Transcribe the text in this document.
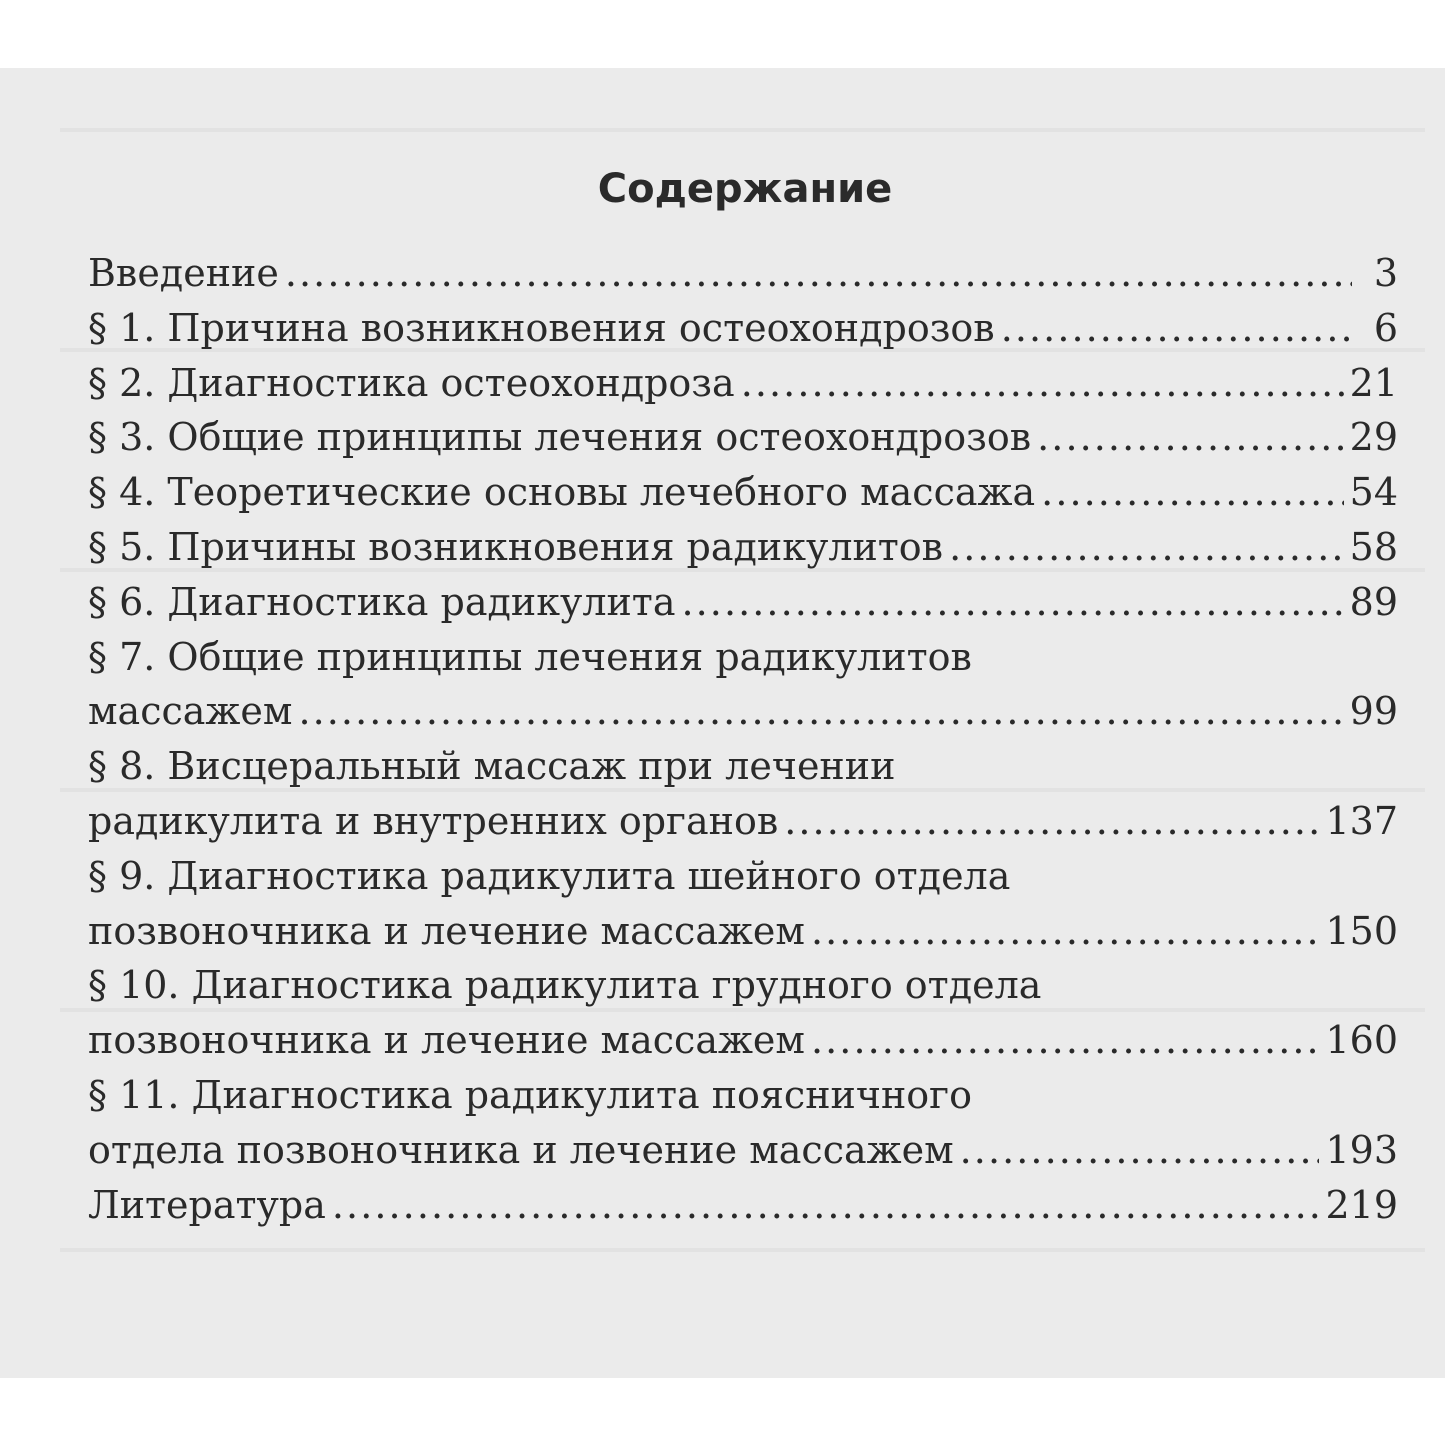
Содержание
Введение . . .	3
§ 1. Причина возникновения остеохондрозов . . .	6
§ 2. Диагностика остеохондроза . . .	21
§ 3. Общие принципы лечения остеохондрозов . . .	29
§ 4. Теоретические основы лечебного массажа . . .	54
§ 5. Причины возникновения радикулитов . . .	58
§ 6. Диагностика радикулита . . .	89
§ 7. Общие принципы лечения радикулитов
массажем . . .	99
§ 8. Висцеральный массаж при лечении
радикулита и внутренних органов . . .	137
§ 9. Диагностика радикулита шейного отдела
позвоночника и лечение массажем . . .	150
§ 10. Диагностика радикулита грудного отдела
позвоночника и лечение массажем . . .	160
§ 11. Диагностика радикулита поясничного
отдела позвоночника и лечение массажем . . .	193
Литература . . .	219
